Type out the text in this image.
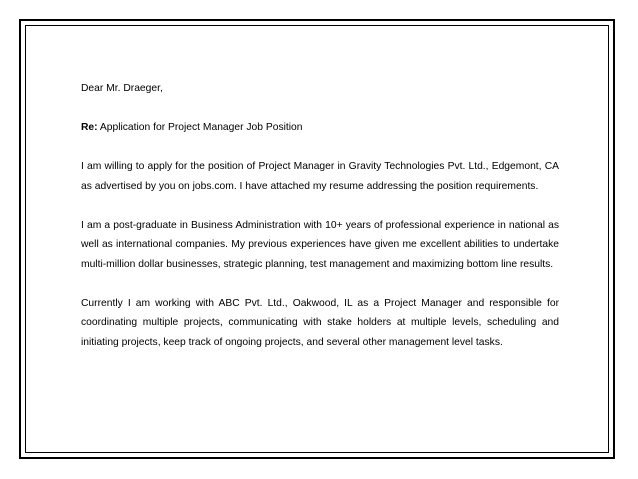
Dear Mr. Draeger,

Re: Application for Project Manager Job Position

I am willing to apply for the position of Project Manager in Gravity Technologies Pvt. Ltd., Edgemont, CA as advertised by you on jobs.com. I have attached my resume addressing the position requirements.

I am a post-graduate in Business Administration with 10+ years of professional experience in national as well as international companies. My previous experiences have given me excellent abilities to undertake multi-million dollar businesses, strategic planning, test management and maximizing bottom line results.

Currently I am working with ABC Pvt. Ltd., Oakwood, IL as a Project Manager and responsible for coordinating multiple projects, communicating with stake holders at multiple levels, scheduling and initiating projects, keep track of ongoing projects, and several other management level tasks.
